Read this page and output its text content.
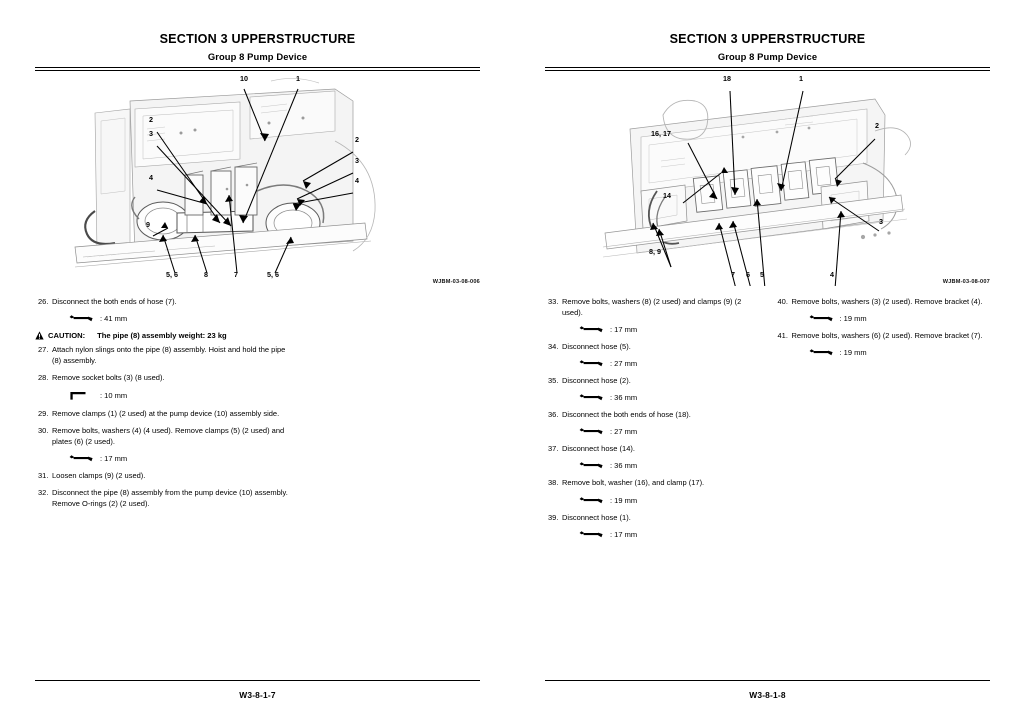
SECTION 3 UPPERSTRUCTURE
Group 8 Pump Device
10	1
2
3
4
9
2
3
4
5, 6	8	7	5, 6
WJBM-03-08-006
26. Disconnect the both ends of hose (7).
: 41 mm
CAUTION: The pipe (8) assembly weight: 23 kg
27. Attach nylon slings onto the pipe (8) assembly. Hoist and hold the pipe (8) assembly.
28. Remove socket bolts (3) (8 used).
: 10 mm
29. Remove clamps (1) (2 used) at the pump device (10) assembly side.
30. Remove bolts, washers (4) (4 used). Remove clamps (5) (2 used) and plates (6) (2 used).
: 17 mm
31. Loosen clamps (9) (2 used).
32. Disconnect the pipe (8) assembly from the pump device (10) assembly. Remove O-rings (2) (2 used).
W3-8-1-7
SECTION 3 UPPERSTRUCTURE
Group 8 Pump Device
18	1
16, 17
2
14
3
8, 9
7 6 5	4
WJBM-03-08-007
33. Remove bolts, washers (8) (2 used) and clamps (9) (2 used).
: 17 mm
34. Disconnect hose (5).
: 27 mm
35. Disconnect hose (2).
: 36 mm
36. Disconnect the both ends of hose (18).
: 27 mm
37. Disconnect hose (14).
: 36 mm
38. Remove bolt, washer (16), and clamp (17).
: 19 mm
39. Disconnect hose (1).
: 17 mm
40. Remove bolts, washers (3) (2 used). Remove bracket (4).
: 19 mm
41. Remove bolts, washers (6) (2 used). Remove bracket (7).
: 19 mm
W3-8-1-8
